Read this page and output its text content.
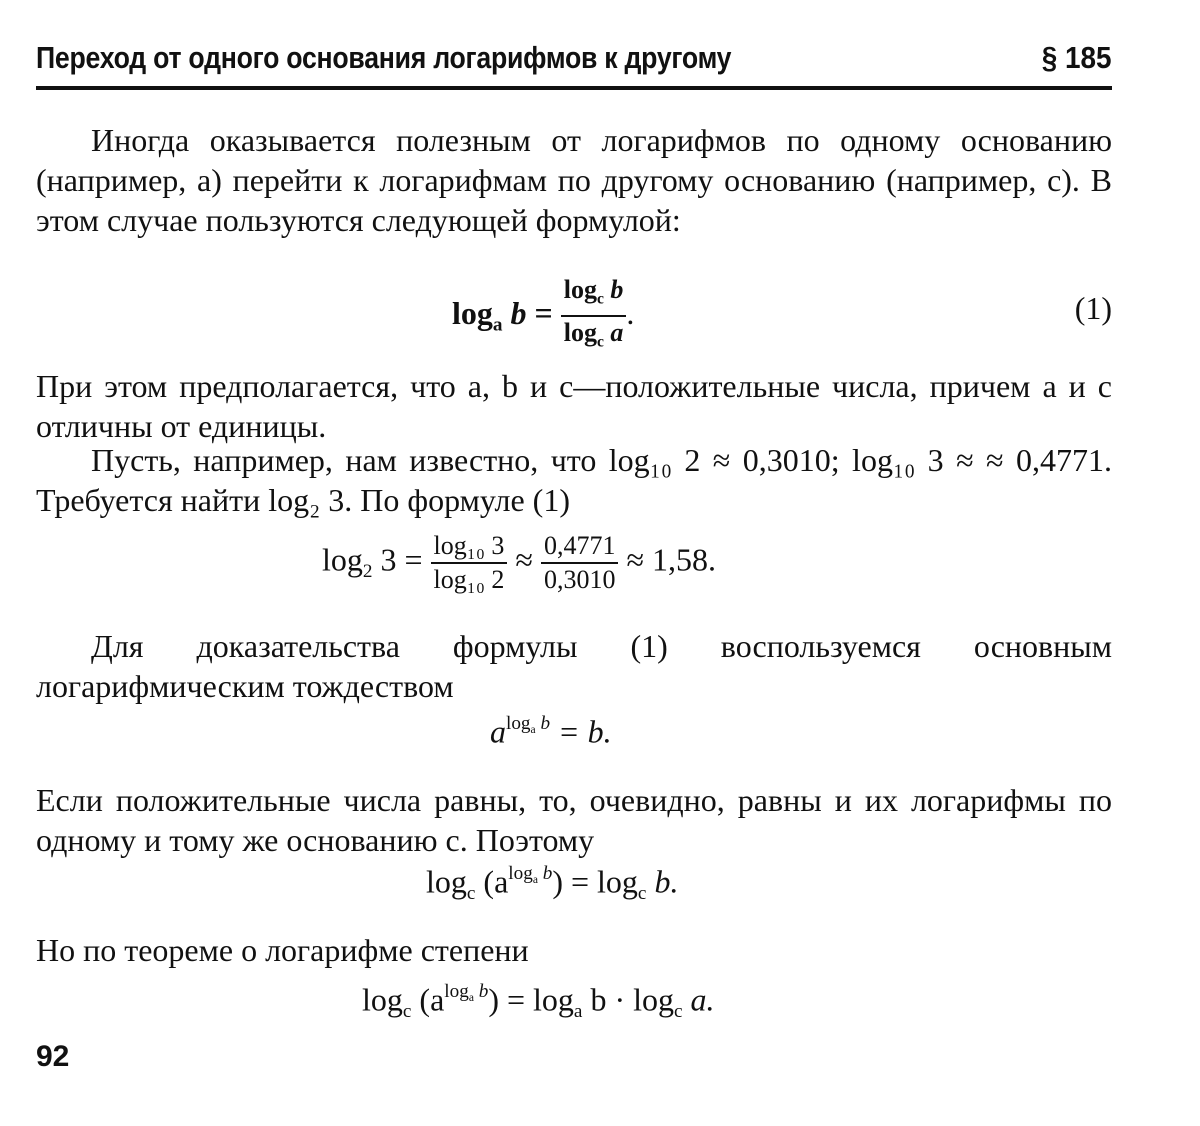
Переход от одного основания логарифмов к другому	§ 185

Иногда оказывается полезным от логарифмов по одному основанию (например, a) перейти к логарифмам по другому основанию (например, c). В этом случае пользуются следующей формулой:

$\log_a b = \frac{\log_c b}{\log_c a}$ .	(1)

При этом предполагается, что a, b и c—положительные числа, причем a и c отличны от единицы.

Пусть, например, нам известно, что log₁₀ 2 ≈ 0,3010; log₁₀ 3 ≈ ≈ 0,4771. Требуется найти log₂ 3. По формуле (1)

$\log_2 3 = \frac{\text{log₁₀ 3}}{\text{log₁₀ 2}} \approx \frac{0,4771}{0,3010} \approx 1,58$.

Для доказательства формулы (1) воспользуемся основным логарифмическим тождеством

$a^{log_a b} = b$.

Если положительные числа равны, то, очевидно, равны и их логарифмы по одному и тому же основанию c. Поэтому

$\log_c (a^{log_a b}) = \log_c b$.

Но по теореме о логарифме степени

$\log_c (a^{log_a b}) = \log_a b \cdot \log_c a$.
92
